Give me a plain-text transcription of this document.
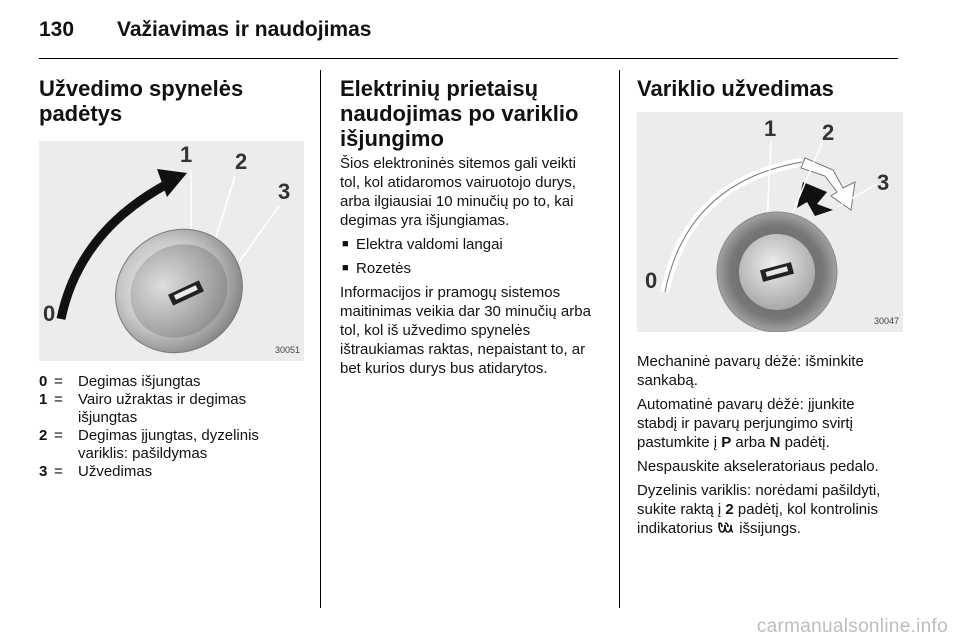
130	Važiavimas ir naudojimas
Užvedimo spynelės
padėtys
0
1 2
3
30051
0 =	Degimas išjungtas
1 =	Vairo užraktas ir degimas
išjungtas
2 =	Degimas įjungtas, dyzelinis
variklis: pašildymas
3 =	Užvedimas
Elektrinių prietaisų
naudojimas po variklio
išjungimo

Šios elektroninės sitemos gali veikti
tol, kol atidaromos vairuotojo durys,
arba ilgiausiai 10 minučių po to, kai
degimas yra išjungiamas.

■ Elektra valdomi langai
■ Rozetės

Informacijos ir pramogų sistemos
maitinimas veikia dar 30 minučių arba
tol, kol iš užvedimo spynelės
ištraukiamas raktas, nepaistant to, ar
bet kurios durys bus atidarytos.

Variklio užvedimas
0
1 2
3
30047

Mechaninė pavarų dėžė: išminkite
sankabą.

Automatinė pavarų dėžė: įjunkite
stabdį ir pavarų perjungimo svirtį
pastumkite į P arba N padėtį.

Nespauskite akseleratoriaus pedalo.

Dyzelinis variklis: norėdami pašildyti,
sukite raktą į 2 padėtį, kol kontrolinis
indikatorius  išsijungs.

carmanualsonline.info
